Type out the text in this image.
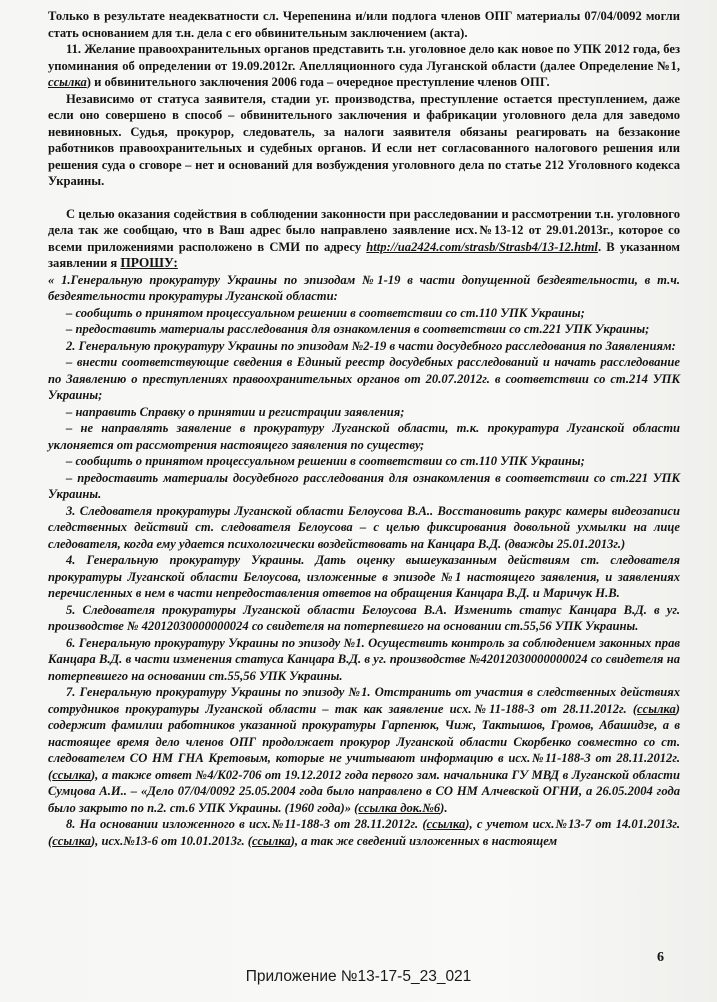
Только в результате неадекватности сл. Черепенина и/или подлога членов ОПГ материалы 07/04/0092 могли стать основанием для т.н. дела с его обвинительным заключением (акта).

11. Желание правоохранительных органов представить т.н. уголовное дело как новое по УПК 2012 года, без упоминания об определении от 19.09.2012г. Апелляционного суда Луганской области (далее Определение №1, ссылка) и обвинительного заключения 2006 года – очередное преступление членов ОПГ.

Независимо от статуса заявителя, стадии уг. производства, преступление остается преступлением, даже если оно совершено в способ – обвинительного заключения и фабрикации уголовного дела для заведомо невиновных. Судья, прокурор, следователь, за налоги заявителя обязаны реагировать на беззаконие работников правоохранительных и судебных органов. И если нет согласованного налогового решения или решения суда о сговоре – нет и оснований для возбуждения уголовного дела по статье 212 Уголовного кодекса Украины.

С целью оказания содействия в соблюдении законности при расследовании и рассмотрении т.н. уголовного дела так же сообщаю, что в Ваш адрес было направлено заявление исх.№13-12 от 29.01.2013г., которое со всеми приложениями расположено в СМИ по адресу http://ua2424.com/strasb/Strasb4/13-12.html. В указанном заявлении я ПРОШУ:

« 1.Генеральную прокуратуру Украины по эпизодам №1-19 в части допущенной бездеятельности, в т.ч. бездеятельности прокуратуры Луганской области:

– сообщить о принятом процессуальном решении в соответствии со ст.110 УПК Украины;

– предоставить материалы расследования для ознакомления в соответствии со ст.221 УПК Украины;

2. Генеральную прокуратуру Украины по эпизодам №2-19 в части досудебного расследования по Заявлениям:

– внести соответствующие сведения в Единый реестр досудебных расследований и начать расследование по Заявлению о преступлениях правоохранительных органов от 20.07.2012г. в соответствии со ст.214 УПК Украины;

– направить Справку о принятии и регистрации заявления;

– не направлять заявление в прокуратуру Луганской области, т.к. прокуратура Луганской области уклоняется от рассмотрения настоящего заявления по существу;

– сообщить о принятом процессуальном решении в соответствии со ст.110 УПК Украины;

– предоставить материалы досудебного расследования для ознакомления в соответствии со ст.221 УПК Украины.

3. Следователя прокуратуры Луганской области Белоусова В.А.. Восстановить ракурс камеры видеозаписи следственных действий ст. следователя Белоусова – с целью фиксирования довольной ухмылки на лице следователя, когда ему удается психологически воздействовать на Канцара В.Д. (дважды 25.01.2013г.)

4. Генеральную прокуратуру Украины. Дать оценку вышеуказанным действиям ст. следователя прокуратуры Луганской области Белоусова, изложенные в эпизоде №1 настоящего заявления, и заявлениях перечисленных в нем в части непредоставления ответов на обращения Канцара В.Д. и Маричук Н.В.

5. Следователя прокуратуры Луганской области Белоусова В.А. Изменить статус Канцара В.Д. в уг. производстве № 42012030000000024 со свидетеля на потерпевшего на основании ст.55,56 УПК Украины.

6. Генеральную прокуратуру Украины по эпизоду №1. Осуществить контроль за соблюдением законных прав Канцара В.Д. в части изменения статуса Канцара В.Д. в уг. производстве №42012030000000024 со свидетеля на потерпевшего на основании ст.55,56 УПК Украины.

7. Генеральную прокуратуру Украины по эпизоду №1. Отстранить от участия в следственных действиях сотрудников прокуратуры Луганской области – так как заявление исх.№11-188-3 от 28.11.2012г. (ссылка) содержит фамилии работников указанной прокуратуры Гарпенюк, Чиж, Тактышов, Громов, Абашидзе, а в настоящее время дело членов ОПГ продолжает прокурор Луганской области Скорбенко совместно со ст. следователем СО НМ ГНА Кретовым, которые не учитывают информацию в исх.№11-188-3 от 28.11.2012г. (ссылка), а также ответ №4/К02-706 от 19.12.2012 года первого зам. начальника ГУ МВД в Луганской области Сумцова А.И.. – «Дело 07/04/0092 25.05.2004 года было направлено в СО НМ Алчевской ОГНИ, а 26.05.2004 года было закрыто по п.2. ст.6 УПК Украины. (1960 года)» (ссылка док.№6).

8. На основании изложенного в исх.№11-188-3 от 28.11.2012г. (ссылка), с учетом исх.№13-7 от 14.01.2013г. (ссылка), исх.№13-6 от 10.01.2013г. (ссылка), а так же сведений изложенных в настоящем

6
Приложение №13-17-5_23_021
